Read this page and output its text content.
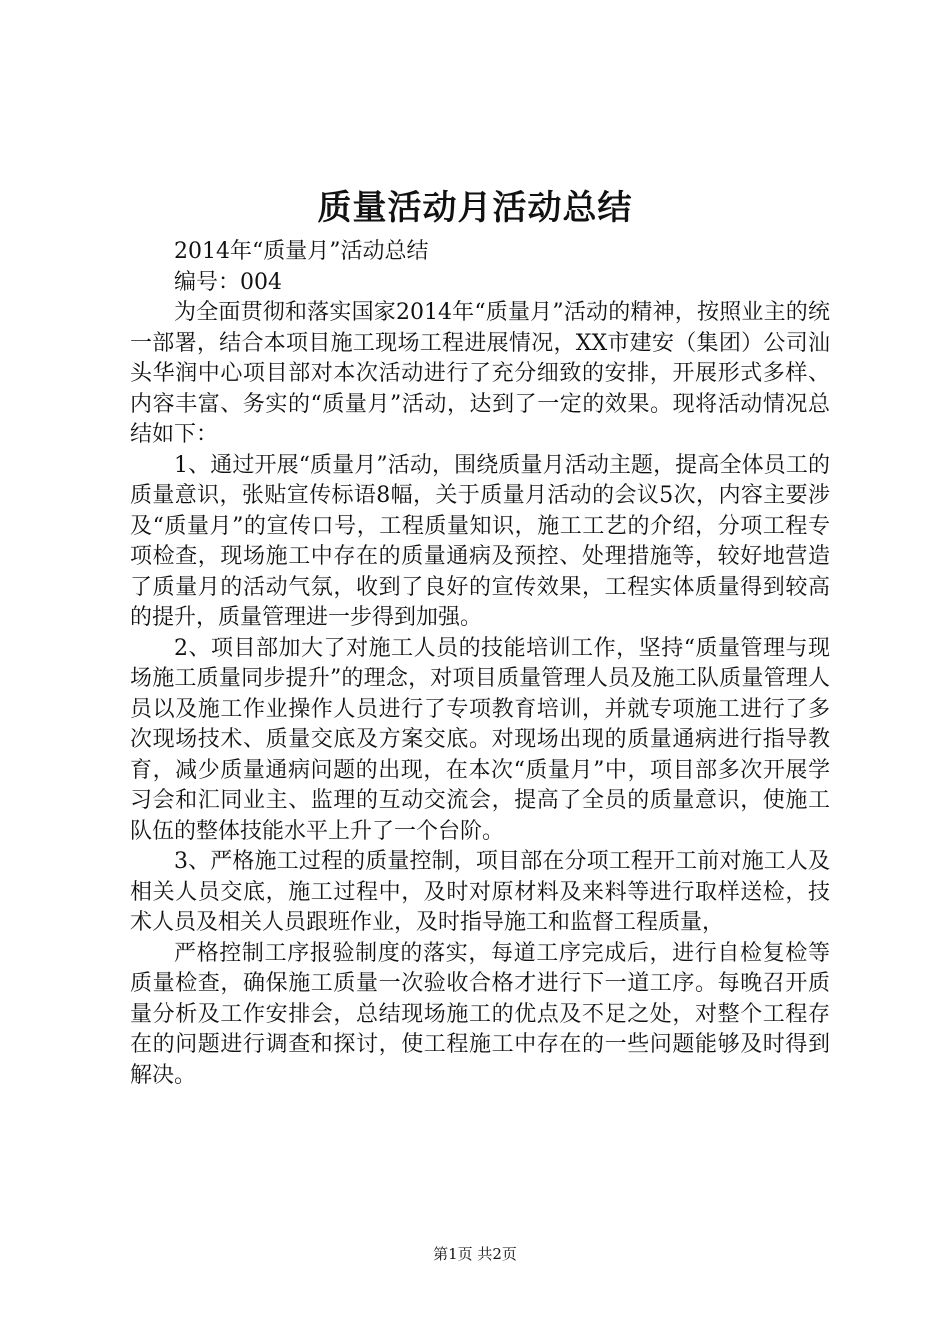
质量活动月活动总结

2014年“质量月”活动总结

编号：004

为全面贯彻和落实国家2014年“质量月”活动的精神，按照业主的统一部署，结合本项目施工现场工程进展情况，XX市建安（集团）公司汕头华润中心项目部对本次活动进行了充分细致的安排，开展形式多样、内容丰富、务实的“质量月”活动，达到了一定的效果。现将活动情况总结如下：

1、通过开展“质量月”活动，围绕质量月活动主题，提高全体员工的质量意识，张贴宣传标语8幅，关于质量月活动的会议5次，内容主要涉及“质量月”的宣传口号，工程质量知识，施工工艺的介绍，分项工程专项检查，现场施工中存在的质量通病及预控、处理措施等，较好地营造了质量月的活动气氛，收到了良好的宣传效果，工程实体质量得到较高的提升，质量管理进一步得到加强。

2、项目部加大了对施工人员的技能培训工作，坚持“质量管理与现场施工质量同步提升”的理念，对项目质量管理人员及施工队质量管理人员以及施工作业操作人员进行了专项教育培训，并就专项施工进行了多次现场技术、质量交底及方案交底。对现场出现的质量通病进行指导教育，减少质量通病问题的出现，在本次“质量月”中，项目部多次开展学习会和汇同业主、监理的互动交流会，提高了全员的质量意识，使施工队伍的整体技能水平上升了一个台阶。

3、严格施工过程的质量控制，项目部在分项工程开工前对施工人及相关人员交底，施工过程中，及时对原材料及来料等进行取样送检，技术人员及相关人员跟班作业，及时指导施工和监督工程质量，

严格控制工序报验制度的落实，每道工序完成后，进行自检复检等质量检查，确保施工质量一次验收合格才进行下一道工序。每晚召开质量分析及工作安排会，总结现场施工的优点及不足之处，对整个工程存在的问题进行调查和探讨，使工程施工中存在的一些问题能够及时得到解决。

第1页 共2页
